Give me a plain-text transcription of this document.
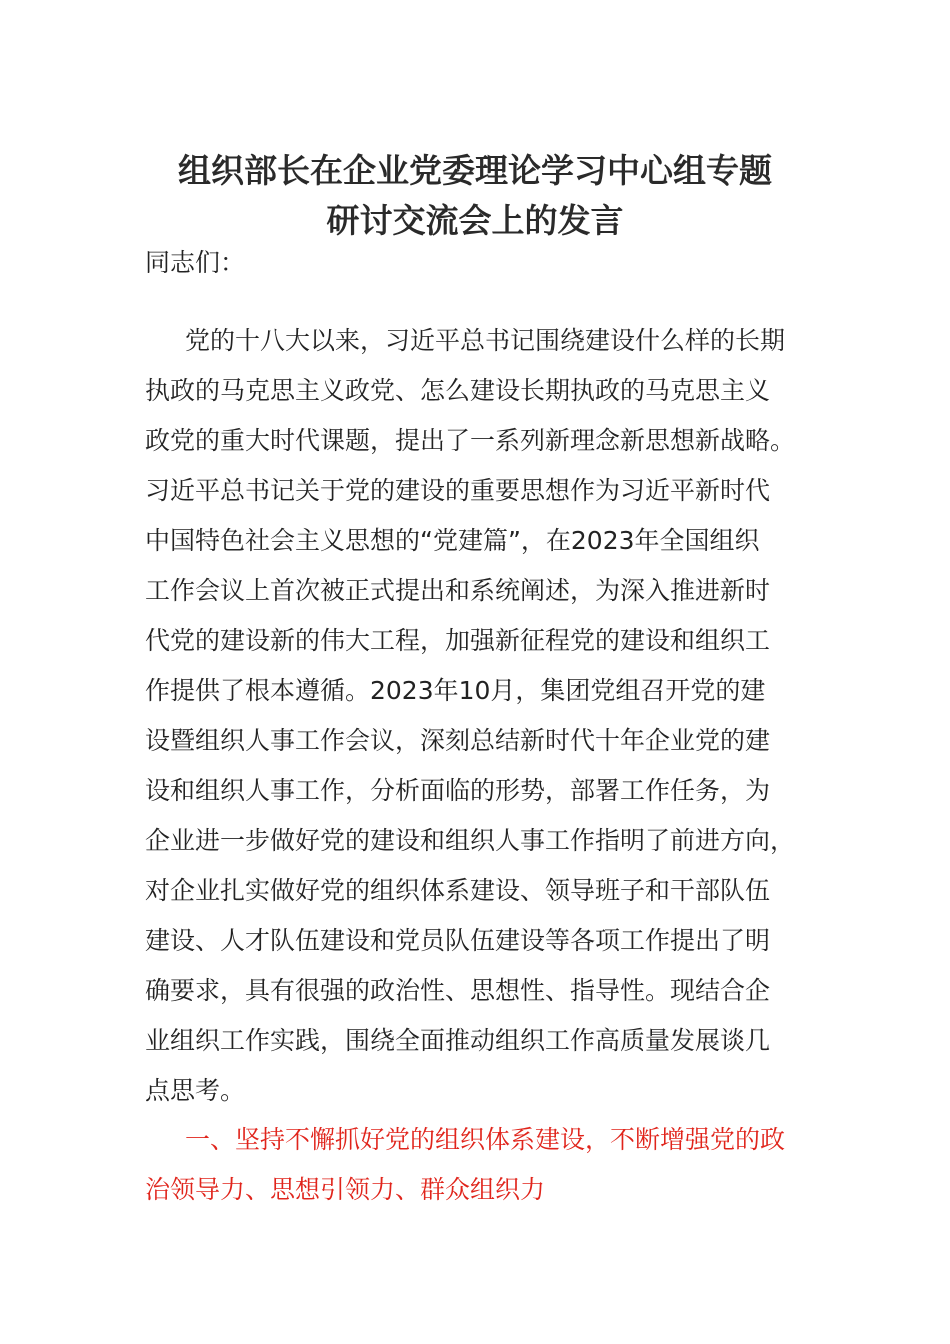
组织部长在企业党委理论学习中心组专题
研讨交流会上的发言

同志们：

党的十八大以来，习近平总书记围绕建设什么样的长期
执政的马克思主义政党、怎么建设长期执政的马克思主义
政党的重大时代课题，提出了一系列新理念新思想新战略。
习近平总书记关于党的建设的重要思想作为习近平新时代
中国特色社会主义思想的“党建篇”，在2023年全国组织
工作会议上首次被正式提出和系统阐述，为深入推进新时
代党的建设新的伟大工程，加强新征程党的建设和组织工
作提供了根本遵循。2023年10月，集团党组召开党的建
设暨组织人事工作会议，深刻总结新时代十年企业党的建
设和组织人事工作，分析面临的形势，部署工作任务，为
企业进一步做好党的建设和组织人事工作指明了前进方向，
对企业扎实做好党的组织体系建设、领导班子和干部队伍
建设、人才队伍建设和党员队伍建设等各项工作提出了明
确要求，具有很强的政治性、思想性、指导性。现结合企
业组织工作实践，围绕全面推动组织工作高质量发展谈几
点思考。
一、坚持不懈抓好党的组织体系建设，不断增强党的政
治领导力、思想引领力、群众组织力
